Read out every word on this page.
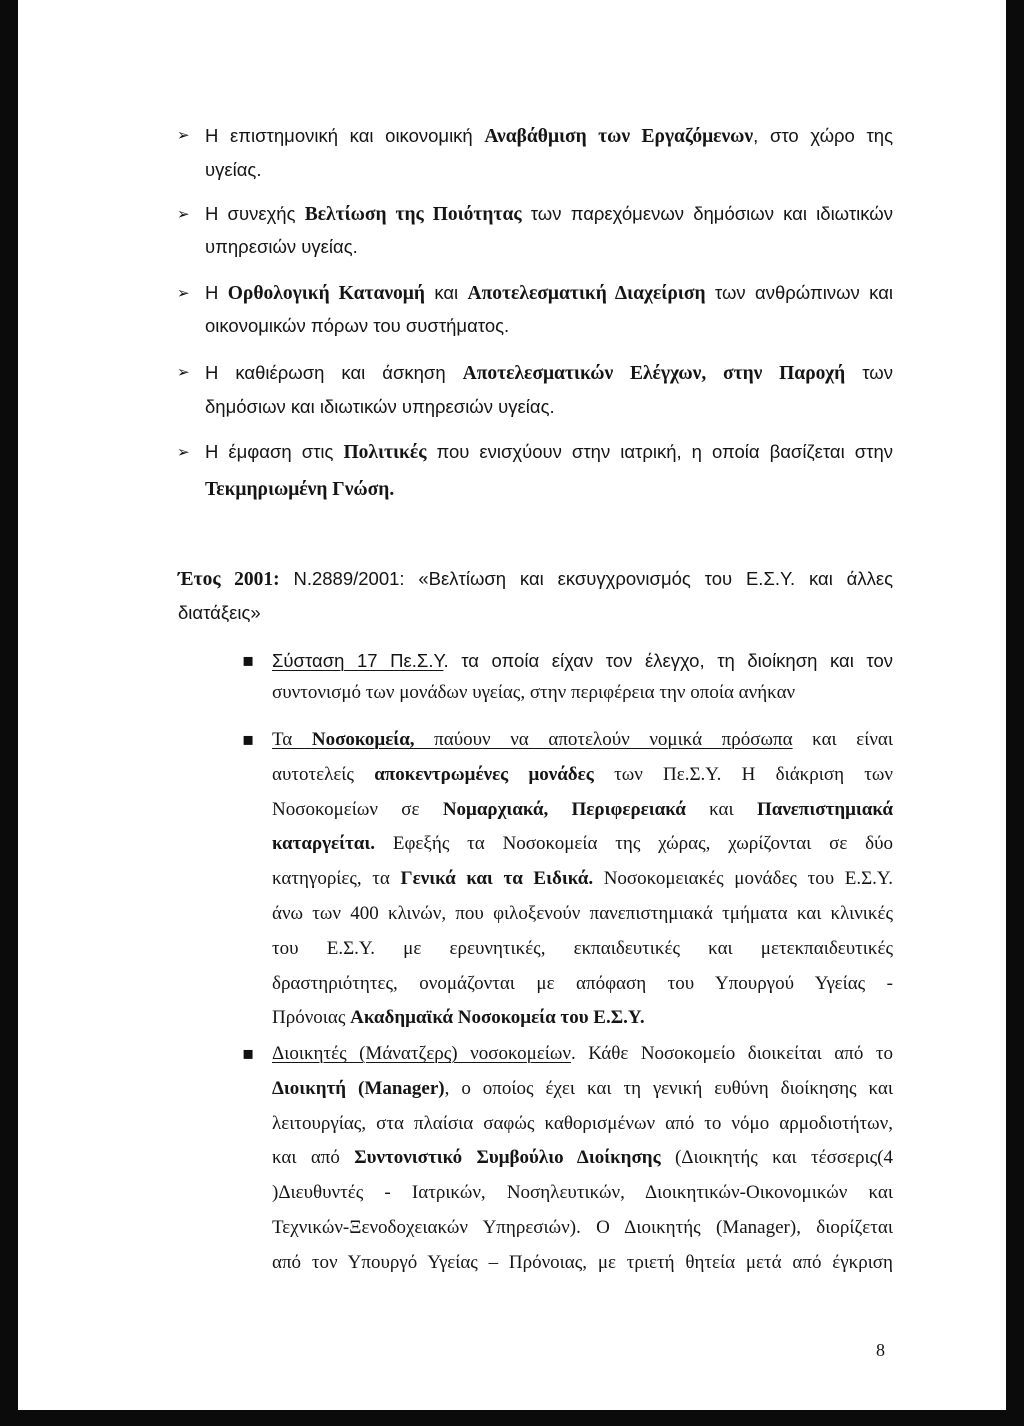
➢ Η επιστημονική και οικονομική Αναβάθμιση των Εργαζόμενων, στο χώρο της
υγείας.
➢ Η συνεχής Βελτίωση της Ποιότητας των παρεχόμενων δημόσιων και ιδιωτικών
υπηρεσιών υγείας.
➢ Η Ορθολογική Κατανομή και Αποτελεσματική Διαχείριση των ανθρώπινων και
οικονομικών πόρων του συστήματος.
➢ Η καθιέρωση και άσκηση Αποτελεσματικών Ελέγχων, στην Παροχή των
δημόσιων και ιδιωτικών υπηρεσιών υγείας.
➢ Η έμφαση στις Πολιτικές που ενισχύουν στην ιατρική, η οποία βασίζεται στην
Τεκμηριωμένη Γνώση.
Έτος 2001: Ν.2889/2001: «Βελτίωση και εκσυγχρονισμός του Ε.Σ.Υ. και άλλες
διατάξεις»
▪ Σύσταση 17 Πε.Σ.Υ. τα οποία είχαν τον έλεγχο, τη διοίκηση και τον
συντονισμό των μονάδων υγείας, στην περιφέρεια την οποία ανήκαν
▪ Τα Νοσοκομεία, παύουν να αποτελούν νομικά πρόσωπα και είναι
αυτοτελείς αποκεντρωμένες μονάδες των Πε.Σ.Υ. Η διάκριση των
Νοσοκομείων σε Νομαρχιακά, Περιφερειακά και Πανεπιστημιακά
καταργείται. Εφεξής τα Νοσοκομεία της χώρας, χωρίζονται σε δύο
κατηγορίες, τα Γενικά και τα Ειδικά. Νοσοκομειακές μονάδες του Ε.Σ.Υ.
άνω των 400 κλινών, που φιλοξενούν πανεπιστημιακά τμήματα και κλινικές
του Ε.Σ.Υ. με ερευνητικές, εκπαιδευτικές και μετεκπαιδευτικές
δραστηριότητες, ονομάζονται με απόφαση του Υπουργού Υγείας -
Πρόνοιας Ακαδημαϊκά Νοσοκομεία του Ε.Σ.Υ.
▪ Διοικητές (Μάνατζερς) νοσοκομείων. Κάθε Νοσοκομείο διοικείται από το
Διοικητή (Manager), ο οποίος έχει και τη γενική ευθύνη διοίκησης και
λειτουργίας, στα πλαίσια σαφώς καθορισμένων από το νόμο αρμοδιοτήτων,
και από Συντονιστικό Συμβούλιο Διοίκησης (Διοικητής και τέσσερις(4
)Διευθυντές - Ιατρικών, Νοσηλευτικών, Διοικητικών-Οικονομικών και
Τεχνικών-Ξενοδοχειακών Υπηρεσιών). Ο Διοικητής (Manager), διορίζεται
από τον Υπουργό Υγείας – Πρόνοιας, με τριετή θητεία μετά από έγκριση
8
